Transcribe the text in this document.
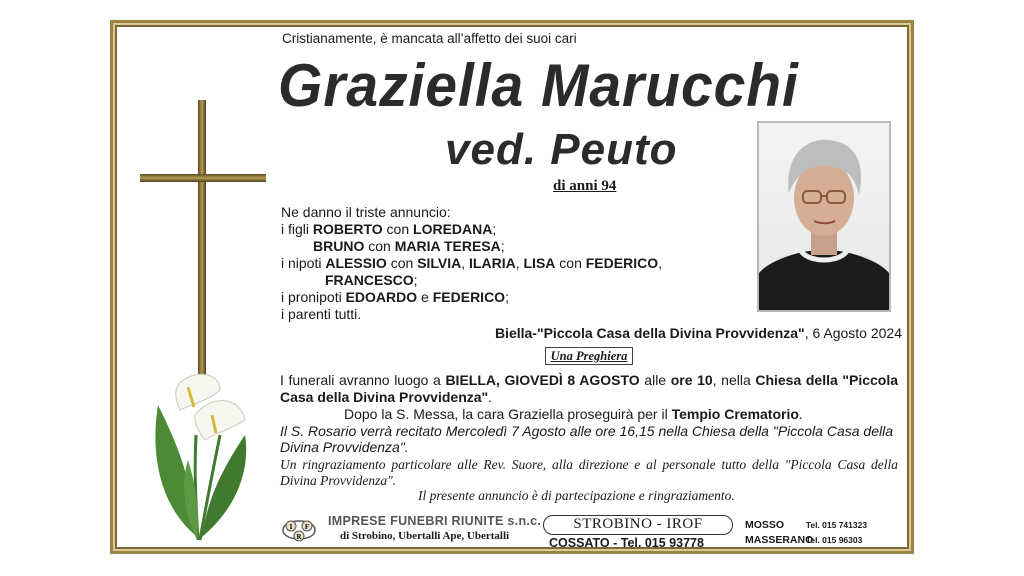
Cristianamente, è mancata all’affetto dei suoi cari
Graziella Marucchi
ved. Peuto
di anni 94
Ne danno il triste annuncio:
i figli ROBERTO con LOREDANA;
BRUNO con MARIA TERESA;
i nipoti ALESSIO con SILVIA, ILARIA, LISA con FEDERICO,
FRANCESCO;
i pronipoti EDOARDO e FEDERICO;
i parenti tutti.
Biella-"Piccola Casa della Divina Provvidenza", 6 Agosto 2024
Una Preghiera
I funerali avranno luogo a BIELLA, GIOVEDÌ 8 AGOSTO alle ore 10, nella Chiesa della "Piccola Casa della Divina Provvidenza".
Dopo la S. Messa, la cara Graziella proseguirà per il Tempio Crematorio.
Il S. Rosario verrà recitato Mercoledì 7 Agosto alle ore 16,15 nella Chiesa della "Piccola Casa della Divina Provvidenza".
Un ringraziamento particolare alle Rev. Suore, alla direzione e al personale tutto della "Piccola Casa della Divina Provvidenza".
Il presente annuncio è di partecipazione e ringraziamento.
I F
R
IMPRESE FUNEBRI RIUNITE s.n.c.
di Strobino, Ubertalli Ape, Ubertalli
STROBINO - IROF
COSSATO - Tel. 015 93778
MOSSO	Tel. 015 741323
MASSERANO Tel. 015 96303
